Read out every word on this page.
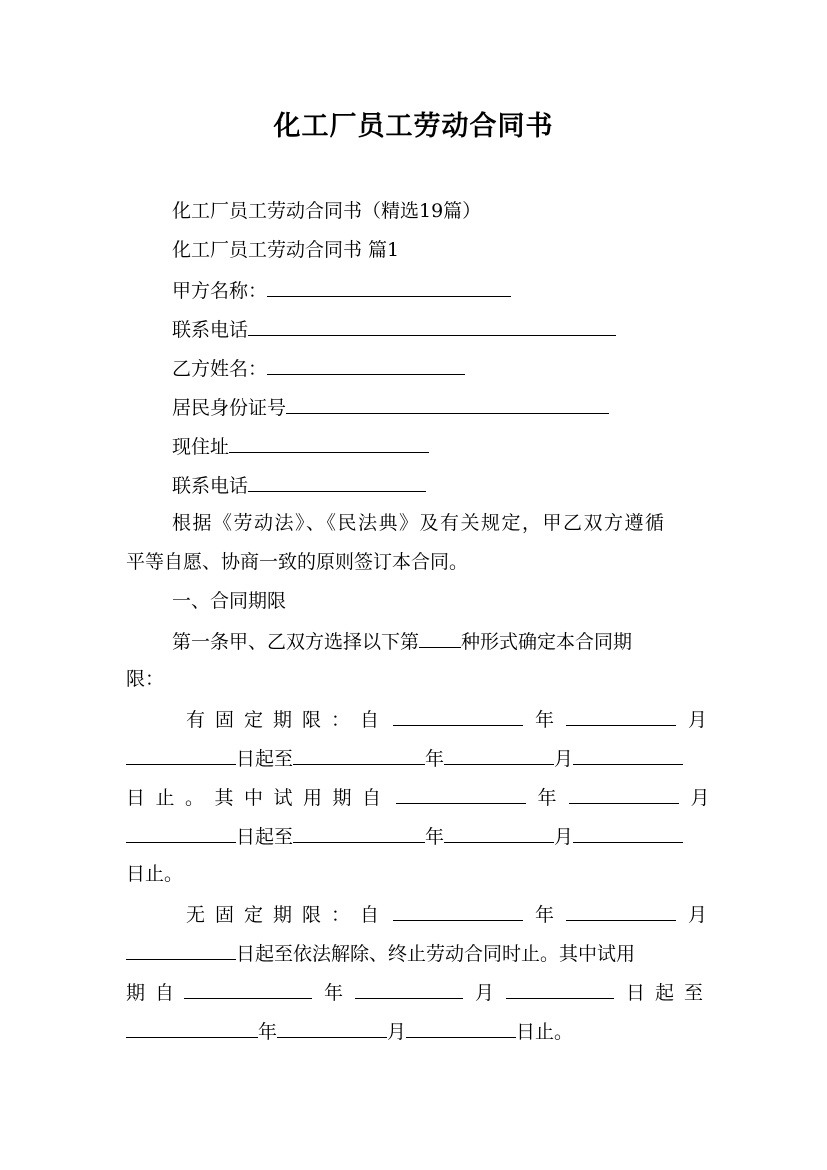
化工厂员工劳动合同书
化工厂员工劳动合同书（精选19篇）
化工厂员工劳动合同书 篇1
甲方名称：
联系电话
乙方姓名：
居民身份证号
现住址
联系电话
根据《劳动法》、《民法典》及有关规定，甲乙双方遵循
平等自愿、协商一致的原则签订本合同。
一、合同期限
第一条甲、乙双方选择以下第 种形式确定本合同期
限：
有固定期限：自	年	月
日起至	年	月
日止。其中试用期自	年	月
日起至	年	月
日止。
无固定期限：自	年	月
日起至依法解除、终止劳动合同时止。其中试用
期自	年	月	日起至
年	月	日止。
